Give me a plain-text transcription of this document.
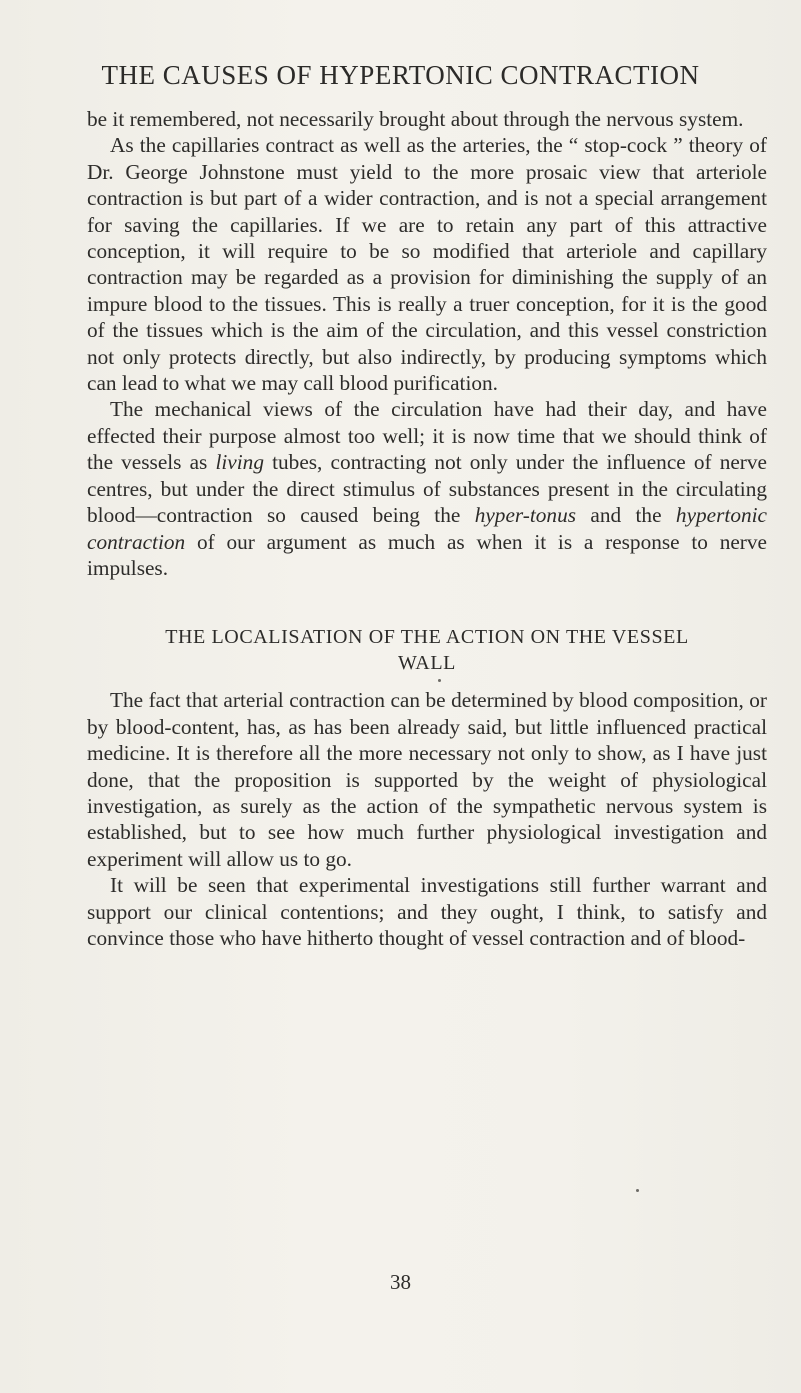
THE CAUSES OF HYPERTONIC CONTRACTION

be it remembered, not necessarily brought about through the nervous system.

As the capillaries contract as well as the arteries, the “ stop-cock ” theory of Dr. George Johnstone must yield to the more prosaic view that arteriole contraction is but part of a wider contraction, and is not a special arrangement for saving the capillaries. If we are to retain any part of this attractive conception, it will require to be so modified that arteriole and capillary contraction may be regarded as a provision for diminishing the supply of an impure blood to the tissues. This is really a truer conception, for it is the good of the tissues which is the aim of the circulation, and this vessel constriction not only protects directly, but also indirectly, by producing symptoms which can lead to what we may call blood purification.

The mechanical views of the circulation have had their day, and have effected their purpose almost too well; it is now time that we should think of the vessels as living tubes, contracting not only under the influence of nerve centres, but under the direct stimulus of substances present in the circulating blood—contraction so caused being the hyper-tonus and the hypertonic contraction of our argument as much as when it is a response to nerve impulses.

THE LOCALISATION OF THE ACTION ON THE VESSEL
WALL

The fact that arterial contraction can be determined by blood composition, or by blood-content, has, as has been already said, but little influenced practical medicine. It is therefore all the more necessary not only to show, as I have just done, that the proposition is supported by the weight of physiological investigation, as surely as the action of the sympathetic nervous system is established, but to see how much further physiological investigation and experiment will allow us to go.

It will be seen that experimental investigations still further warrant and support our clinical contentions; and they ought, I think, to satisfy and convince those who have hitherto thought of vessel contraction and of blood-

38
